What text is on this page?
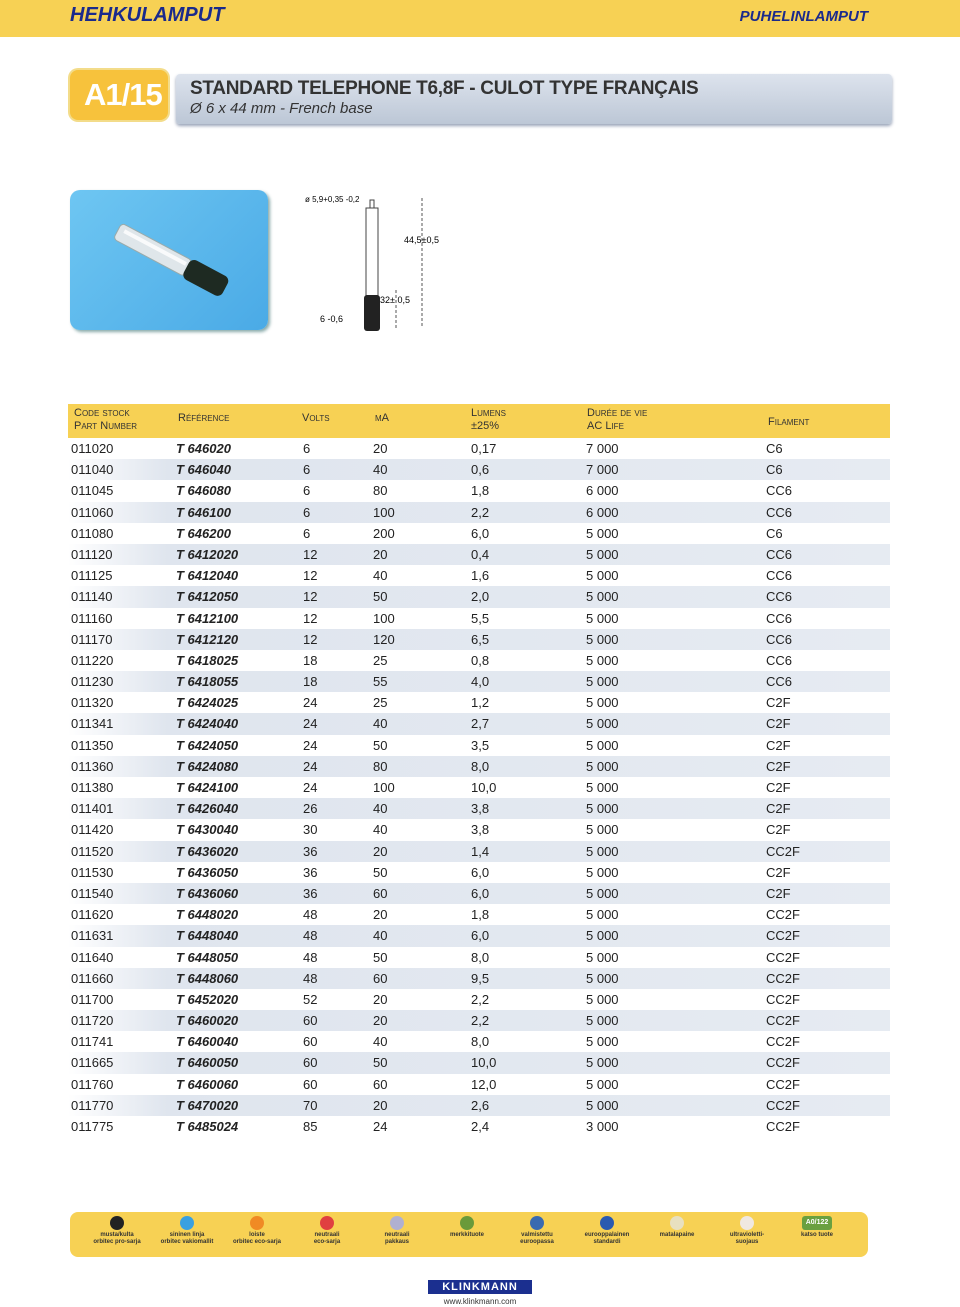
HEHKULAMPUT	PUHELINLAMPUT
A1/15 STANDARD TELEPHONE T6,8F - CULOT TYPE FRANÇAIS
Ø 6 x 44 mm - French base
ø 5,9+0,35 -0,2
44,5±0,5
32± 0,5
6 -0,6
Code stock
Part Number
Référence	Volts	mA	Lumens
±25%
Durée de vie
AC Life	Filament
011020	T 646020	6	20	0,17	7 000	C6
011040	T 646040	6	40	0,6	7 000	C6
011045	T 646080	6	80	1,8	6 000	CC6
011060	T 646100	6	100	2,2	6 000	CC6
011080	T 646200	6	200	6,0	5 000	C6
011120	T 6412020	12	20	0,4	5 000	CC6
011125	T 6412040	12	40	1,6	5 000	CC6
011140	T 6412050	12	50	2,0	5 000	CC6
011160	T 6412100	12	100	5,5	5 000	CC6
011170	T 6412120	12	120	6,5	5 000	CC6
011220	T 6418025	18	25	0,8	5 000	CC6
011230	T 6418055	18	55	4,0	5 000	CC6
011320	T 6424025	24	25	1,2	5 000	C2F
011341	T 6424040	24	40	2,7	5 000	C2F
011350	T 6424050	24	50	3,5	5 000	C2F
011360	T 6424080	24	80	8,0	5 000	C2F
011380	T 6424100	24	100	10,0	5 000	C2F
011401	T 6426040	26	40	3,8	5 000	C2F
011420	T 6430040	30	40	3,8	5 000	C2F
011520	T 6436020	36	20	1,4	5 000	CC2F
011530	T 6436050	36	50	6,0	5 000	C2F
011540	T 6436060	36	60	6,0	5 000	C2F
011620	T 6448020	48	20	1,8	5 000	CC2F
011631	T 6448040	48	40	6,0	5 000	CC2F
011640	T 6448050	48	50	8,0	5 000	CC2F
011660	T 6448060	48	60	9,5	5 000	CC2F
011700	T 6452020	52	20	2,2	5 000	CC2F
011720	T 6460020	60	20	2,2	5 000	CC2F
011741	T 6460040	60	40	8,0	5 000	CC2F
011665	T 6460050	60	50	10,0	5 000	CC2F
011760	T 6460060	60	60	12,0	5 000	CC2F
011770	T 6470020	70	20	2,6	5 000	CC2F
011775	T 6485024	85	24	2,4	3 000	CC2F
musta/kulta
orbitec pro-sarja
sininen linja
orbitec vakiomallit
loiste
orbitec eco-sarja
neutraali
eco-sarja
neutraali
pakkaus
merkkituote	valmistettu
euroopassa
eurooppalainen
standardi
matalapaine	ultravioletti-
suojaus
A0/122
katso tuote
KLINKMANN
www.klinkmann.com
